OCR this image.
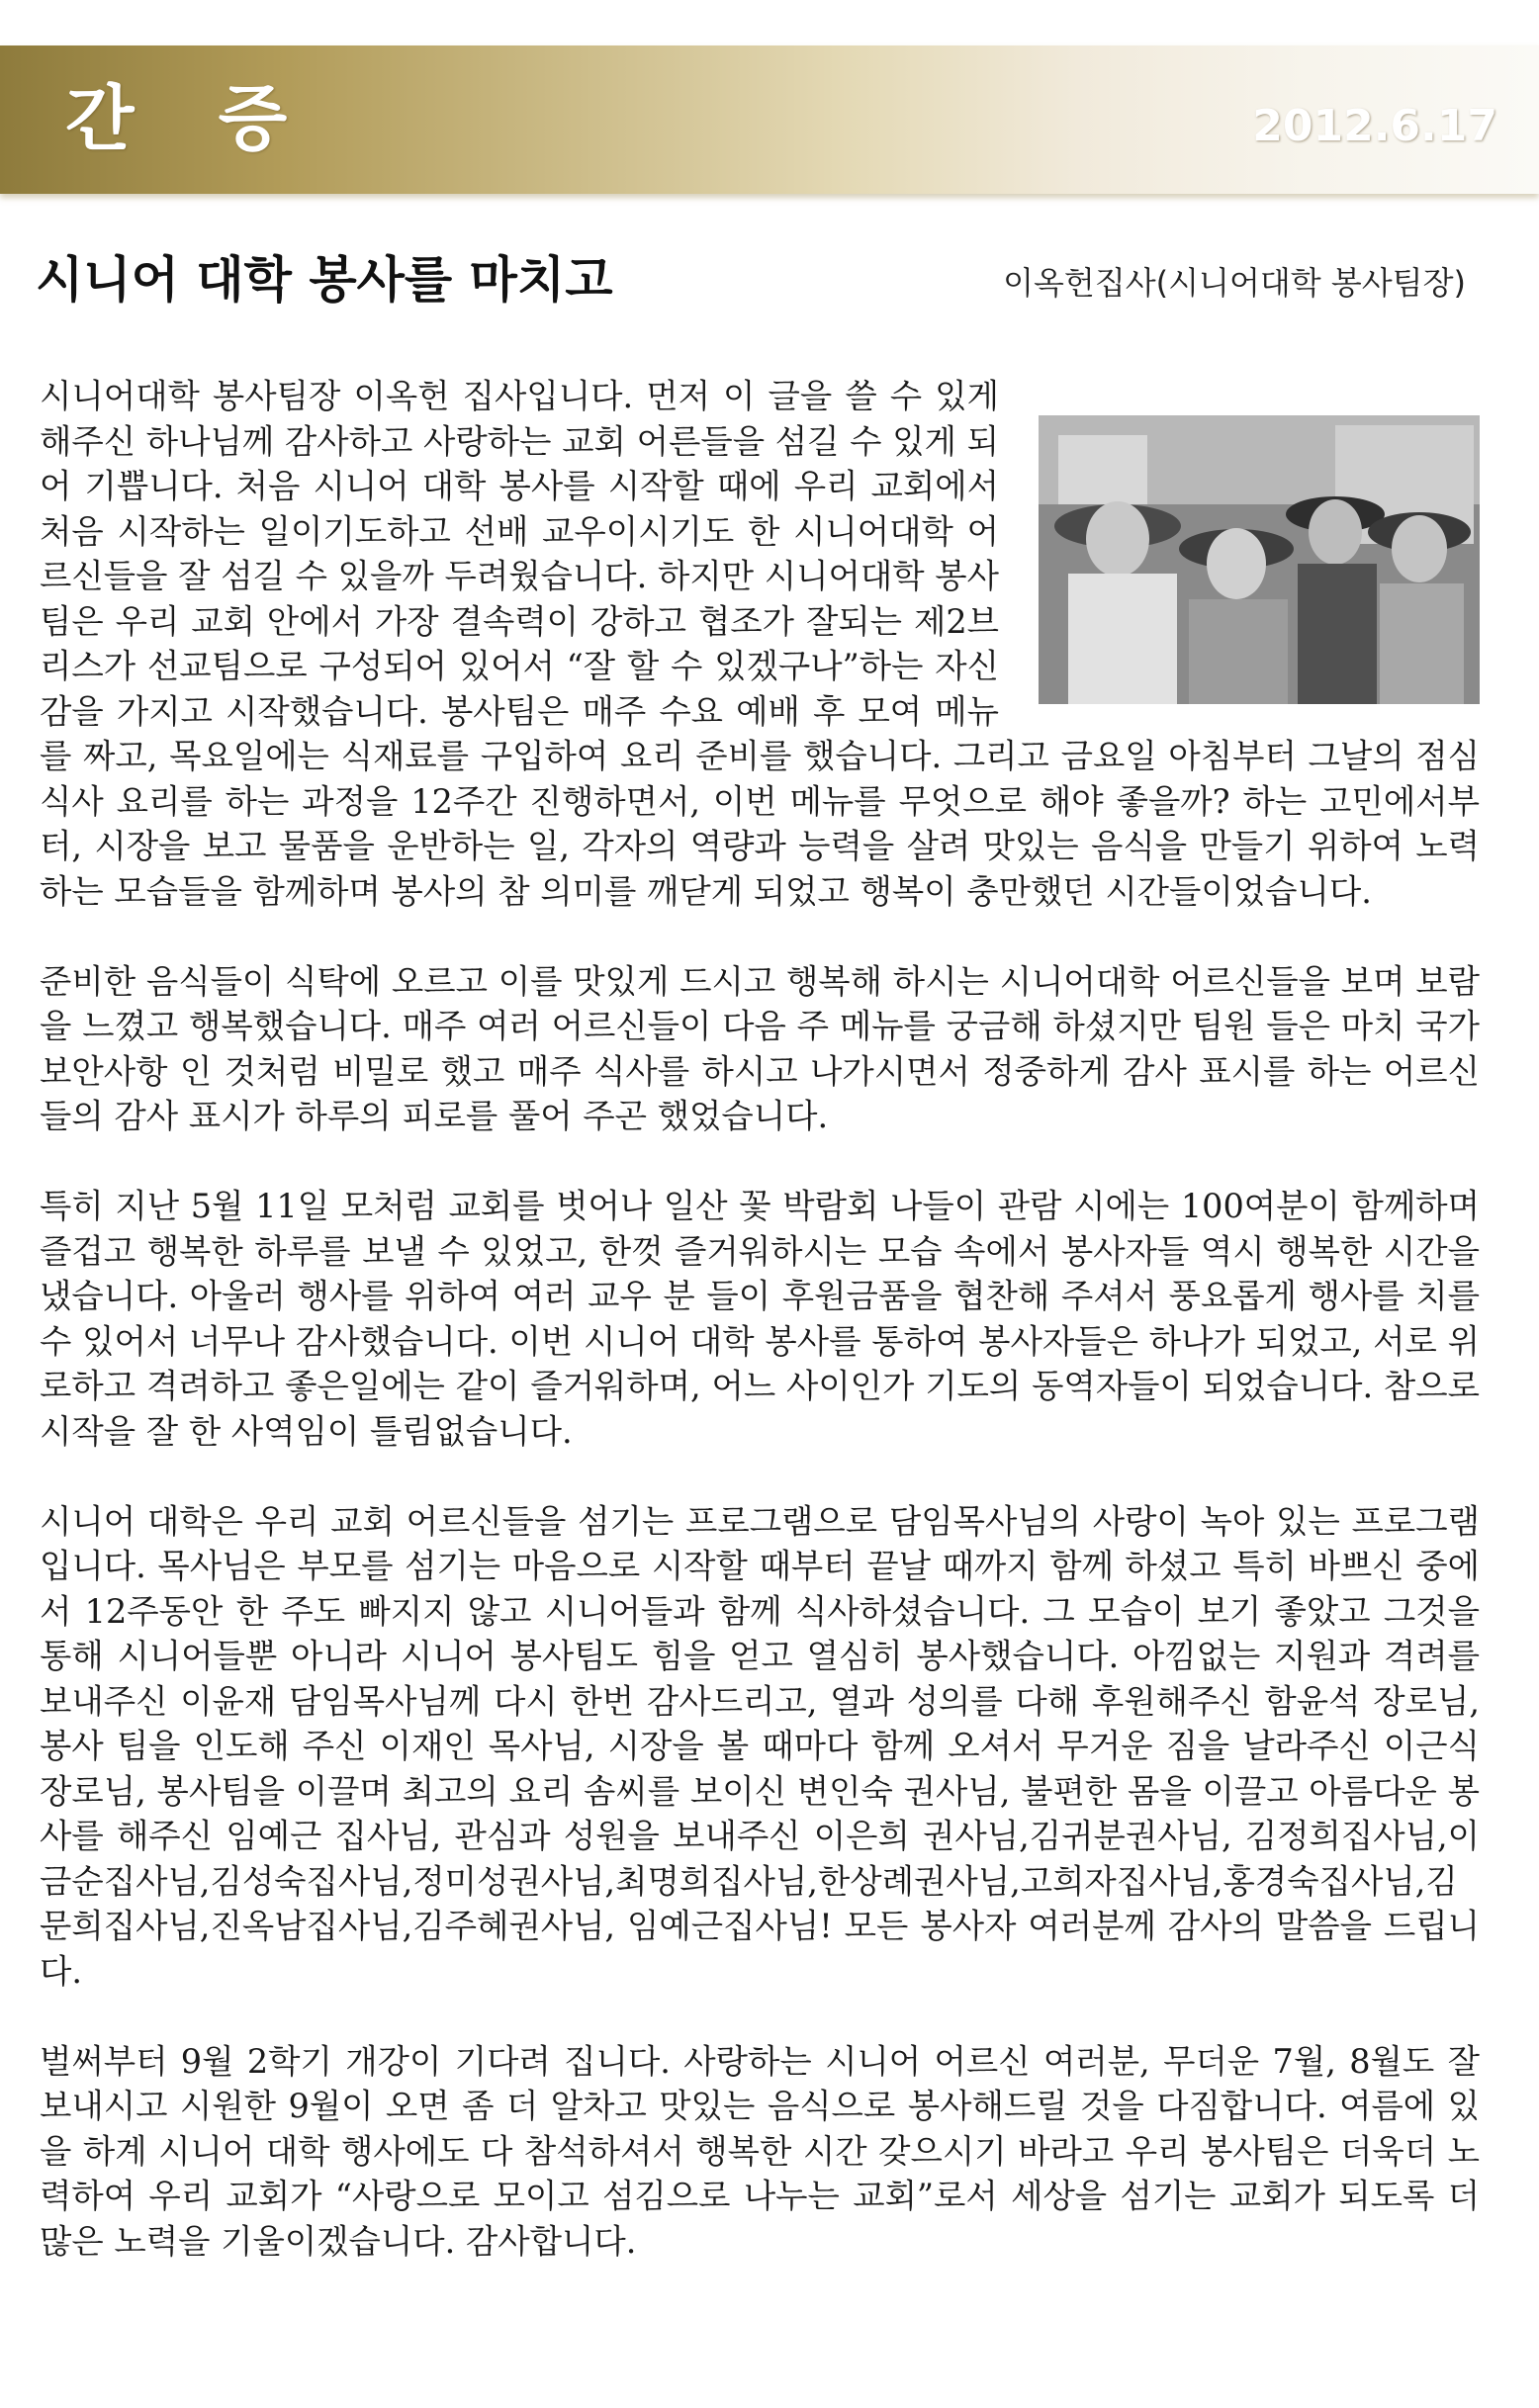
간 증	2012.6.17
시니어 대학 봉사를 마치고	이옥헌집사(시니어대학 봉사팀장)

시니어대학 봉사팀장 이옥헌 집사입니다. 먼저 이 글을 쓸 수 있게 해주신 하나님께 감사하고 사랑하는 교회 어른들을 섬길 수 있게 되어 기쁩니다. 처음 시니어 대학 봉사를 시작할 때에 우리 교회에서 처음 시작하는 일이기도하고 선배 교우이시기도 한 시니어대학 어르신들을 잘 섬길 수 있을까 두려웠습니다. 하지만 시니어대학 봉사 팀은 우리 교회 안에서 가장 결속력이 강하고 협조가 잘되는 제2브리스가 선교팀으로 구성되어 있어서 “잘 할 수 있겠구나”하는 자신감을 가지고 시작했습니다. 봉사팀은 매주 수요 예배 후 모여 메뉴를 짜고, 목요일에는 식재료를 구입하여 요리 준비를 했습니다. 그리고 금요일 아침부터 그날의 점심식사 요리를 하는 과정을 12주간 진행하면서, 이번 메뉴를 무엇으로 해야 좋을까? 하는 고민에서부터, 시장을 보고 물품을 운반하는 일, 각자의 역량과 능력을 살려 맛있는 음식을 만들기 위하여 노력하는 모습들을 함께하며 봉사의 참 의미를 깨닫게 되었고 행복이 충만했던 시간들이었습니다.

준비한 음식들이 식탁에 오르고 이를 맛있게 드시고 행복해 하시는 시니어대학 어르신들을 보며 보람을 느꼈고 행복했습니다. 매주 여러 어르신들이 다음 주 메뉴를 궁금해 하셨지만 팀원 들은 마치 국가 보안사항 인 것처럼 비밀로 했고 매주 식사를 하시고 나가시면서 정중하게 감사 표시를 하는 어르신들의 감사 표시가 하루의 피로를 풀어 주곤 했었습니다.

특히 지난 5월 11일 모처럼 교회를 벗어나 일산 꽃 박람회 나들이 관람 시에는 100여분이 함께하며 즐겁고 행복한 하루를 보낼 수 있었고, 한껏 즐거워하시는 모습 속에서 봉사자들 역시 행복한 시간을 냈습니다. 아울러 행사를 위하여 여러 교우 분 들이 후원금품을 협찬해 주셔서 풍요롭게 행사를 치를 수 있어서 너무나 감사했습니다. 이번 시니어 대학 봉사를 통하여 봉사자들은 하나가 되었고, 서로 위로하고 격려하고 좋은일에는 같이 즐거워하며, 어느 사이인가 기도의 동역자들이 되었습니다. 참으로 시작을 잘 한 사역임이 틀림없습니다.

시니어 대학은 우리 교회 어르신들을 섬기는 프로그램으로 담임목사님의 사랑이 녹아 있는 프로그램입니다. 목사님은 부모를 섬기는 마음으로 시작할 때부터 끝날 때까지 함께 하셨고 특히 바쁘신 중에서 12주동안 한 주도 빠지지 않고 시니어들과 함께 식사하셨습니다. 그 모습이 보기 좋았고 그것을 통해 시니어들뿐 아니라 시니어 봉사팀도 힘을 얻고 열심히 봉사했습니다. 아낌없는 지원과 격려를 보내주신 이윤재 담임목사님께 다시 한번 감사드리고, 열과 성의를 다해 후원해주신 함윤석 장로님, 봉사 팀을 인도해 주신 이재인 목사님, 시장을 볼 때마다 함께 오셔서 무거운 짐을 날라주신 이근식 장로님, 봉사팀을 이끌며 최고의 요리 솜씨를 보이신 변인숙 권사님, 불편한 몸을 이끌고 아름다운 봉사를 해주신 임예근 집사님, 관심과 성원을 보내주신 이은희 권사님,김귀분권사님, 김정희집사님,이금순집사님,김성숙집사님,정미성권사님,최명희집사님,한상례권사님,고희자집사님,홍경숙집사님,김문희집사님,진옥남집사님,김주혜권사님, 임예근집사님! 모든 봉사자 여러분께 감사의 말씀을 드립니다.

벌써부터 9월 2학기 개강이 기다려 집니다. 사랑하는 시니어 어르신 여러분, 무더운 7월, 8월도 잘 보내시고 시원한 9월이 오면 좀 더 알차고 맛있는 음식으로 봉사해드릴 것을 다짐합니다. 여름에 있을 하계 시니어 대학 행사에도 다 참석하셔서 행복한 시간 갖으시기 바라고 우리 봉사팀은 더욱더 노력하여 우리 교회가 “사랑으로 모이고 섬김으로 나누는 교회”로서 세상을 섬기는 교회가 되도록 더 많은 노력을 기울이겠습니다. 감사합니다.
